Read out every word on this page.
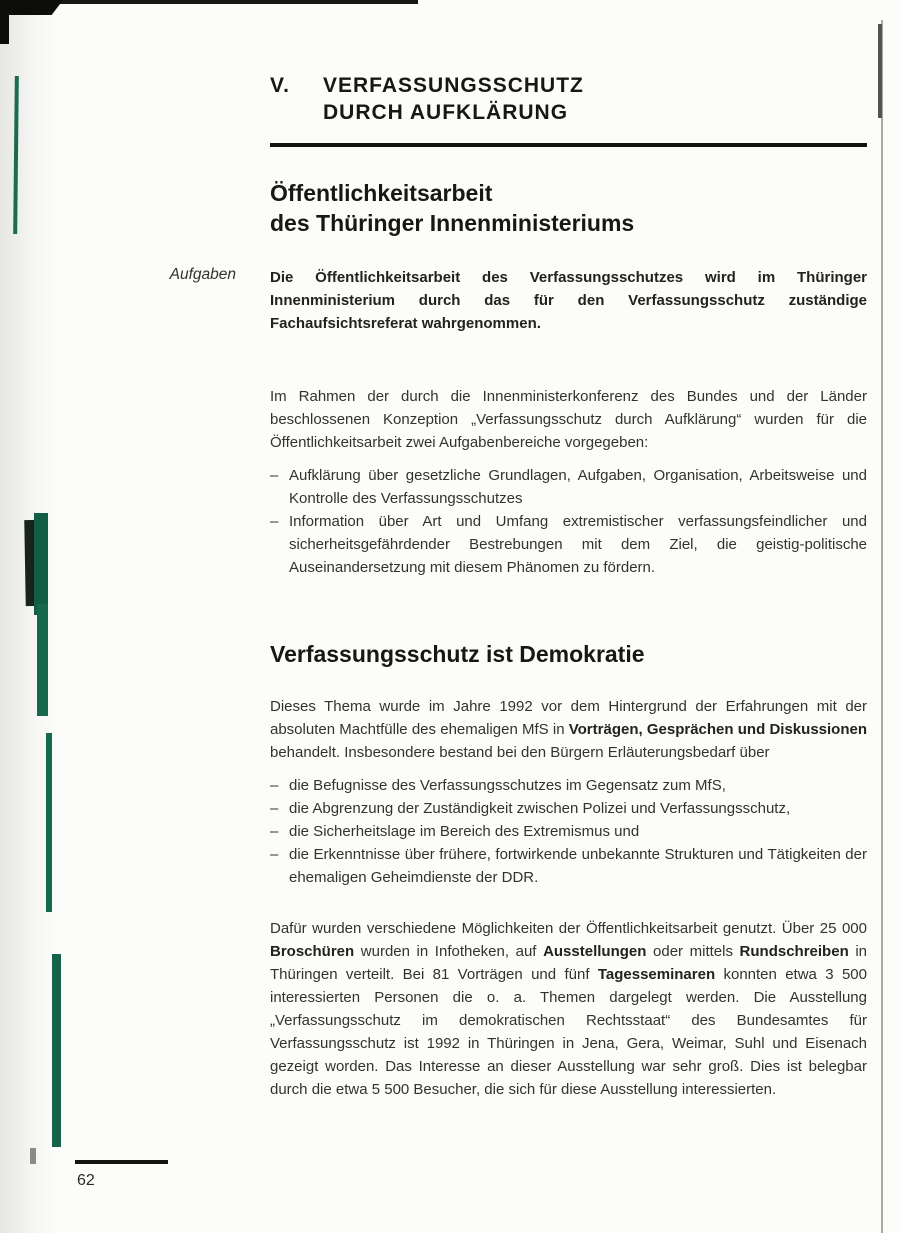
Aufgaben
V.	VERFASSUNGSSCHUTZ
DURCH AUFKLÄRUNG
Öffentlichkeitsarbeit
des Thüringer Innenministeriums

Die Öffentlichkeitsarbeit des Verfassungsschutzes wird im Thüringer Innenministerium durch das für den Verfassungsschutz zuständige Fachaufsichtsreferat wahrgenommen.

Im Rahmen der durch die Innenministerkonferenz des Bundes und der Länder beschlossenen Konzeption „Verfassungsschutz durch Aufklärung“ wurden für die Öffentlichkeitsarbeit zwei Aufgabenbereiche vorgegeben:

– Aufklärung über gesetzliche Grundlagen, Aufgaben, Organisation, Arbeitsweise und Kontrolle des Verfassungsschutzes
– Information über Art und Umfang extremistischer verfassungsfeindlicher und sicherheitsgefährdender Bestrebungen mit dem Ziel, die geistig-politische Auseinandersetzung mit diesem Phänomen zu fördern.
Verfassungsschutz ist Demokratie

Dieses Thema wurde im Jahre 1992 vor dem Hintergrund der Erfahrungen mit der absoluten Machtfülle des ehemaligen MfS in Vorträgen, Gesprächen und Diskussionen behandelt. Insbesondere bestand bei den Bürgern Erläuterungsbedarf über

– die Befugnisse des Verfassungsschutzes im Gegensatz zum MfS,
– die Abgrenzung der Zuständigkeit zwischen Polizei und Verfassungsschutz,
– die Sicherheitslage im Bereich des Extremismus und
– die Erkenntnisse über frühere, fortwirkende unbekannte Strukturen und Tätigkeiten der ehemaligen Geheimdienste der DDR.

Dafür wurden verschiedene Möglichkeiten der Öffentlichkeitsarbeit genutzt. Über 25 000 Broschüren wurden in Infotheken, auf Ausstellungen oder mittels Rundschreiben in Thüringen verteilt. Bei 81 Vorträgen und fünf Tagesseminaren konnten etwa 3 500 interessierten Personen die o. a. Themen dargelegt werden. Die Ausstellung „Verfassungsschutz im demokratischen Rechtsstaat“ des Bundesamtes für Verfassungsschutz ist 1992 in Thüringen in Jena, Gera, Weimar, Suhl und Eisenach gezeigt worden. Das Interesse an dieser Ausstellung war sehr groß. Dies ist belegbar durch die etwa 5 500 Besucher, die sich für diese Ausstellung interessierten.

62
